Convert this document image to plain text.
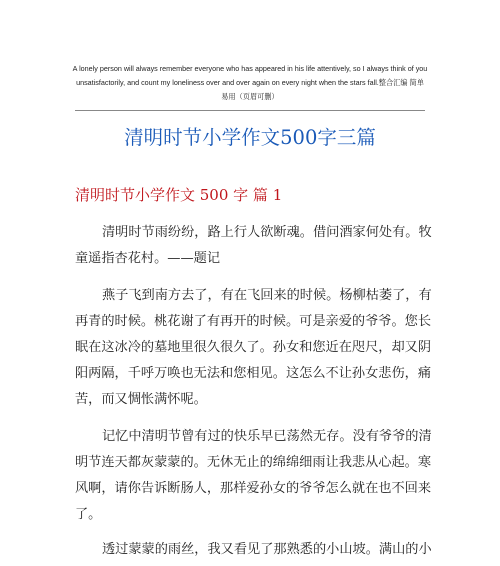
A lonely person will always remember everyone who has appeared in his life attentively, so I always think of you
unsatisfactorily, and count my loneliness over and over again on every night when the stars fall.整合汇编 简单
易用（页眉可删）
清明时节小学作文500字三篇
清明时节小学作文 500 字 篇 1
清明时节雨纷纷，路上行人欲断魂。借问酒家何处有。牧
童遥指杏花村。——题记
燕子飞到南方去了，有在飞回来的时候。杨柳枯萎了，有
再青的时候。桃花谢了有再开的时候。可是亲爱的爷爷。您长
眠在这冰冷的墓地里很久很久了。孙女和您近在咫尺，却又阴
阳两隔，千呼万唤也无法和您相见。这怎么不让孙女悲伤，痛
苦，而又惆怅满怀呢。
记忆中清明节曾有过的快乐早已荡然无存。没有爷爷的清
明节连天都灰蒙蒙的。无休无止的绵绵细雨让我悲从心起。寒
风啊，请你告诉断肠人，那样爱孙女的爷爷怎么就在也不回来
了。
透过蒙蒙的雨丝，我又看见了那熟悉的小山坡。满山的小
